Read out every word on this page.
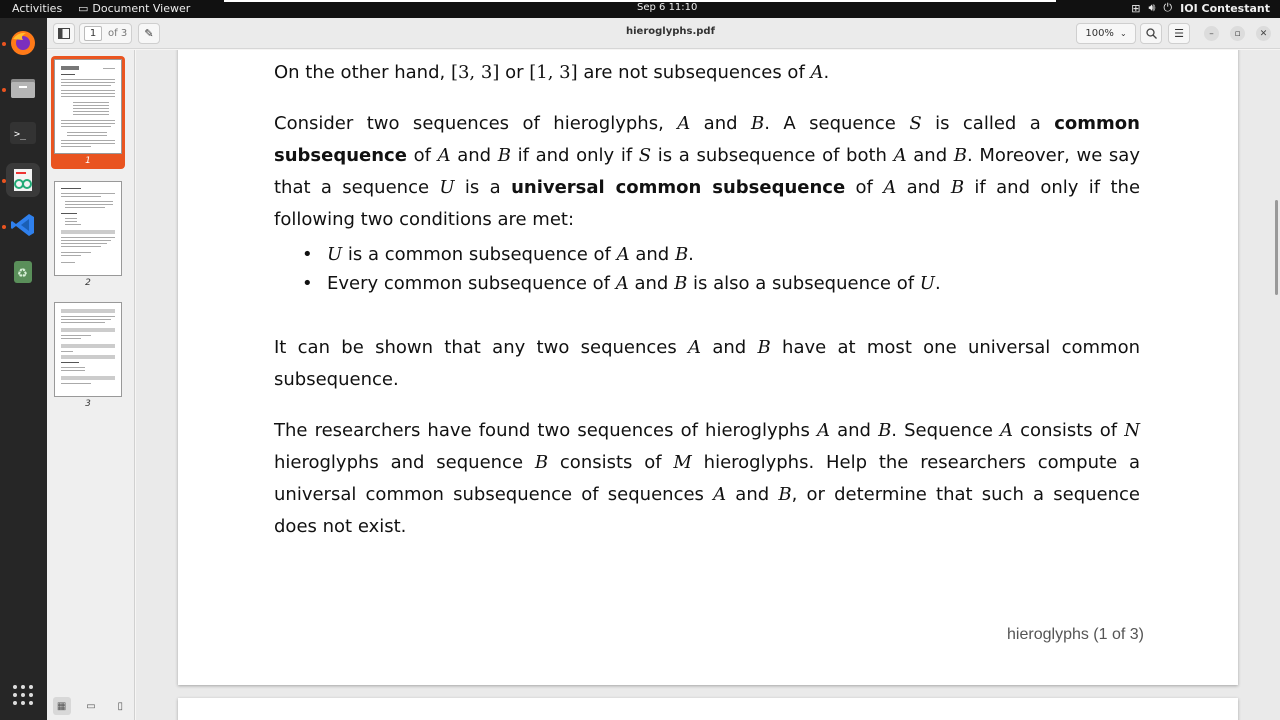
Activities ▭ Document Viewer	Sep 6 11:10	⊞ 🔊︎ ⏻ IOI Contestant
>_
♻
1	of 3 ✎	hieroglyphs.pdf	100% ⌄	☰	– ▫ ✕
1
2
3
▦ ▭ ▯
On the other hand, [3, 3] or [1, 3] are not subsequences of A.
Consider two sequences of hieroglyphs, A and B. A sequence S is called a common subsequence of A and B if and only if S is a subsequence of both A and B. Moreover, we say that a sequence U is a universal common subsequence of A and B if and only if the following two conditions are met:
• U is a common subsequence of A and B.
• Every common subsequence of A and B is also a subsequence of U.
It can be shown that any two sequences A and B have at most one universal common subsequence.
The researchers have found two sequences of hieroglyphs A and B. Sequence A consists of N hieroglyphs and sequence B consists of M hieroglyphs. Help the researchers compute a universal common subsequence of sequences A and B, or determine that such a sequence does not exist.
hieroglyphs (1 of 3)
